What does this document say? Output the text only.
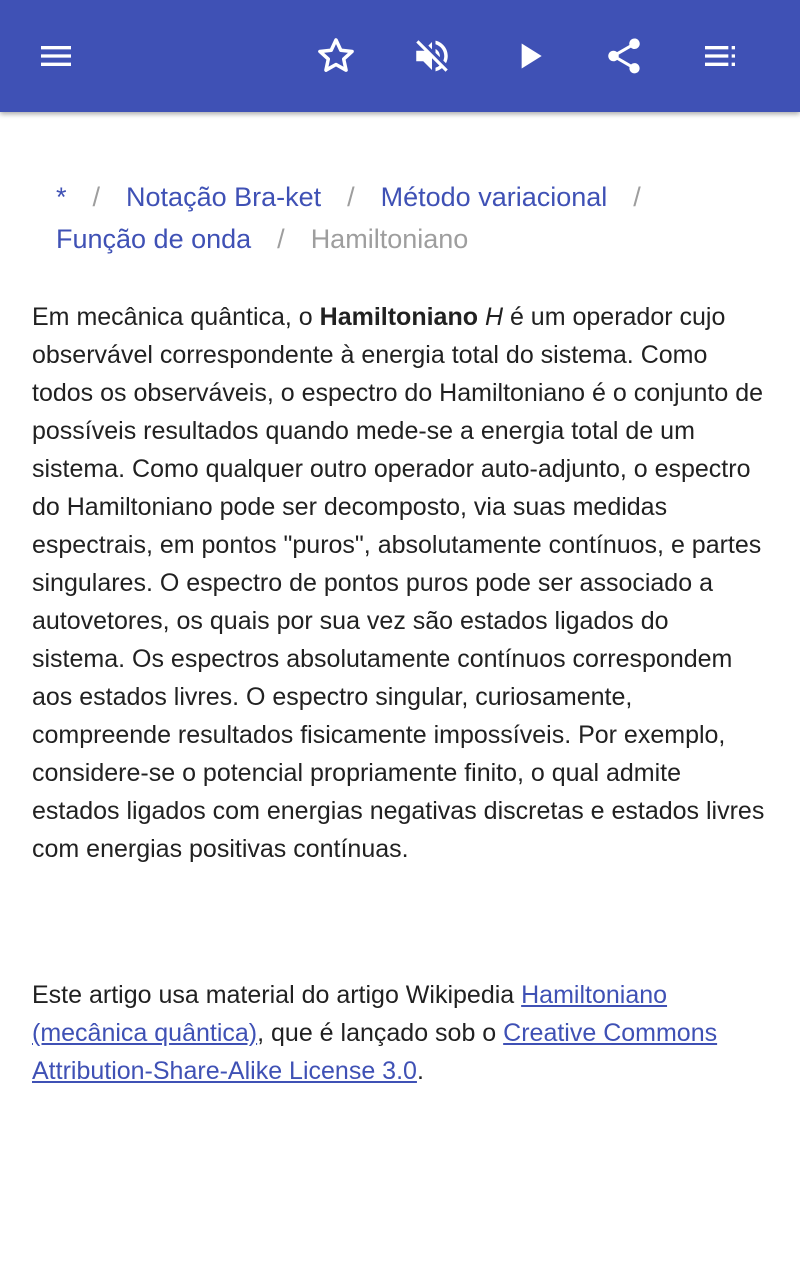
* / Notação Bra-ket / Método variacional /
Função de onda / Hamiltoniano

Em mecânica quântica, o Hamiltoniano H é um operador cujo observável correspondente à energia total do sistema. Como todos os observáveis, o espectro do Hamiltoniano é o conjunto de possíveis resultados quando mede-se a energia total de um sistema. Como qualquer outro operador auto-adjunto, o espectro do Hamiltoniano pode ser decomposto, via suas medidas espectrais, em pontos "puros", absolutamente contínuos, e partes singulares. O espectro de pontos puros pode ser associado a autovetores, os quais por sua vez são estados ligados do sistema. Os espectros absolutamente contínuos correspondem aos estados livres. O espectro singular, curiosamente, compreende resultados fisicamente impossíveis. Por exemplo, considere-se o potencial propriamente finito, o qual admite estados ligados com energias negativas discretas e estados livres com energias positivas contínuas.

Este artigo usa material do artigo Wikipedia Hamiltoniano (mecânica quântica), que é lançado sob o Creative Commons Attribution-Share-Alike License 3.0.
